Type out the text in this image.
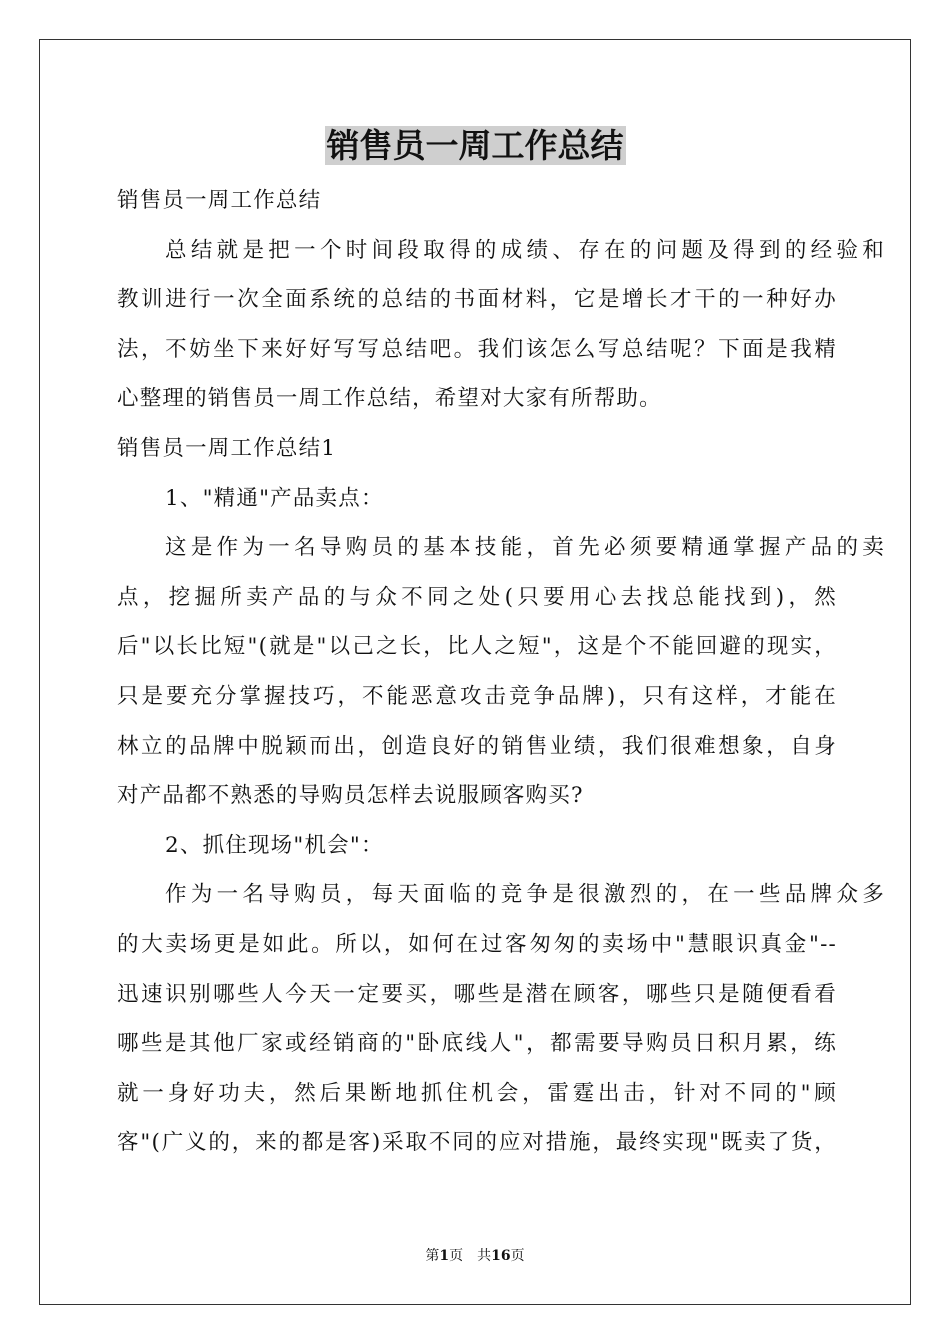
销售员一周工作总结
销售员一周工作总结
总结就是把一个时间段取得的成绩、存在的问题及得到的经验和
教训进行一次全面系统的总结的书面材料，它是增长才干的一种好办
法，不妨坐下来好好写写总结吧。我们该怎么写总结呢？下面是我精
心整理的销售员一周工作总结，希望对大家有所帮助。
销售员一周工作总结1
1、"精通"产品卖点：
这是作为一名导购员的基本技能，首先必须要精通掌握产品的卖
点，挖掘所卖产品的与众不同之处(只要用心去找总能找到)，然
后"以长比短"(就是"以己之长，比人之短"，这是个不能回避的现实，
只是要充分掌握技巧，不能恶意攻击竞争品牌)，只有这样，才能在
林立的品牌中脱颖而出，创造良好的销售业绩，我们很难想象，自身
对产品都不熟悉的导购员怎样去说服顾客购买?
2、抓住现场"机会"：
作为一名导购员，每天面临的竞争是很激烈的，在一些品牌众多
的大卖场更是如此。所以，如何在过客匆匆的卖场中"慧眼识真金"--
迅速识别哪些人今天一定要买，哪些是潜在顾客，哪些只是随便看看
哪些是其他厂家或经销商的"卧底线人"，都需要导购员日积月累，练
就一身好功夫，然后果断地抓住机会，雷霆出击，针对不同的"顾
客"(广义的，来的都是客)采取不同的应对措施，最终实现"既卖了货，
第1页 共16页
